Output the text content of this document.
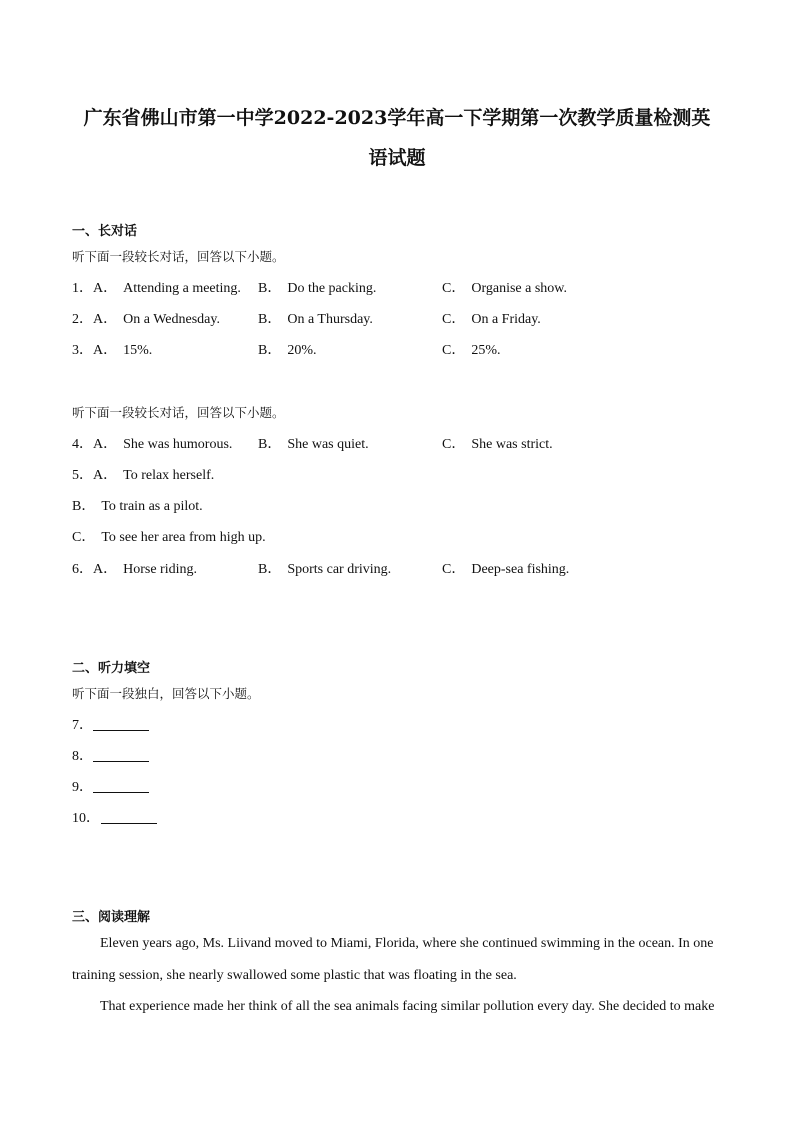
广东省佛山市第一中学2022-2023学年高一下学期第一次教学质量检测英
语试题
一、长对话
听下面一段较长对话，回答以下小题。
1． A． Attending a meeting. B． Do the packing.	C． Organise a show.
2． A． On a Wednesday.	B． On a Thursday.	C． On a Friday.
3． A． 15%.	B． 20%.	C． 25%.
听下面一段较长对话，回答以下小题。
4． A． She was humorous. B． She was quiet.	C． She was strict.
5． A． To relax herself.
B． To train as a pilot.
C． To see her area from high up.
6． A． Horse riding.	B． Sports car driving.	C． Deep-sea fishing.
二、听力填空
听下面一段独白，回答以下小题。
7．
8．
9．
10．
三、阅读理解
Eleven years ago, Ms. Liivand moved to Miami, Florida, where she continued swimming in the ocean. In one
training session, she nearly swallowed some plastic that was floating in the sea.
That experience made her think of all the sea animals facing similar pollution every day. She decided to make
